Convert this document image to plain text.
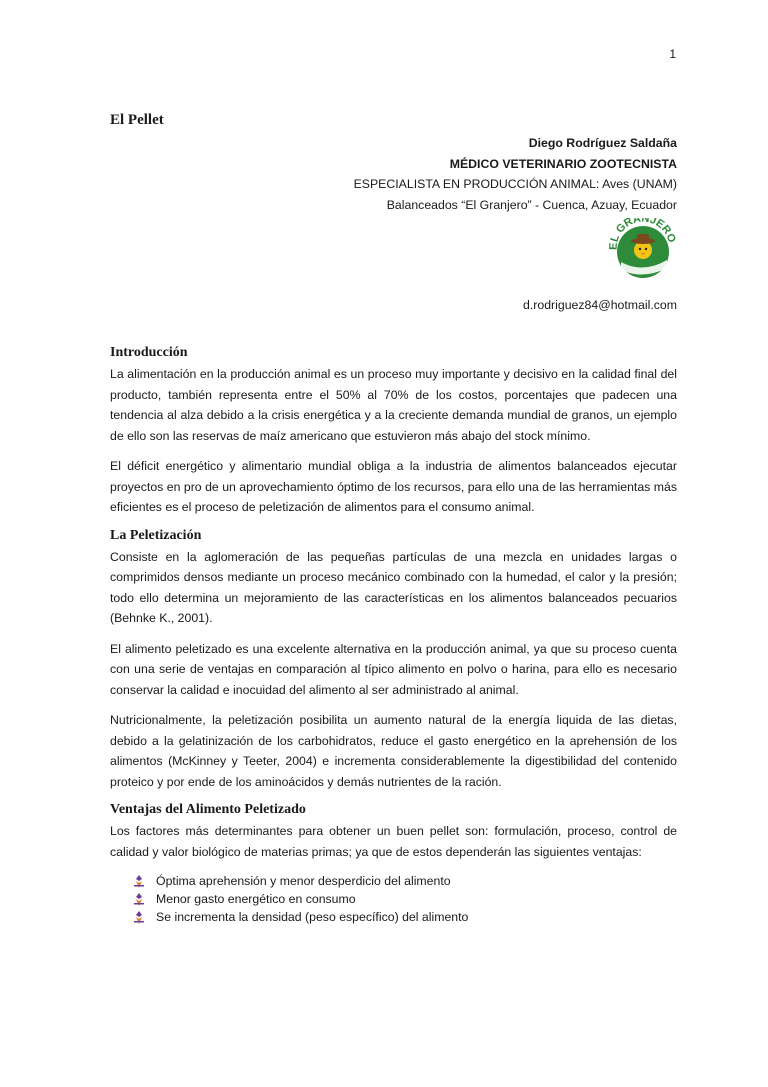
1
El Pellet
Diego Rodríguez Saldaña
MÉDICO VETERINARIO ZOOTECNISTA
ESPECIALISTA EN PRODUCCIÓN ANIMAL: Aves (UNAM)
Balanceados “El Granjero” - Cuenca, Azuay, Ecuador
EL GRANJERO
d.rodriguez84@hotmail.com
Introducción

La alimentación en la producción animal es un proceso muy importante y decisivo en la calidad final del producto, también representa entre el 50% al 70% de los costos, porcentajes que padecen una tendencia al alza debido a la crisis energética y a la creciente demanda mundial de granos, un ejemplo de ello son las reservas de maíz americano que estuvieron más abajo del stock mínimo.

El déficit energético y alimentario mundial obliga a la industria de alimentos balanceados ejecutar proyectos en pro de un aprovechamiento óptimo de los recursos, para ello una de las herramientas más eficientes es el proceso de peletización de alimentos para el consumo animal.

La Peletización

Consiste en la aglomeración de las pequeñas partículas de una mezcla en unidades largas o comprimidos densos mediante un proceso mecánico combinado con la humedad, el calor y la presión; todo ello determina un mejoramiento de las características en los alimentos balanceados pecuarios (Behnke K., 2001).

El alimento peletizado es una excelente alternativa en la producción animal, ya que su proceso cuenta con una serie de ventajas en comparación al típico alimento en polvo o harina, para ello es necesario conservar la calidad e inocuidad del alimento al ser administrado al animal.

Nutricionalmente, la peletización posibilita un aumento natural de la energía liquida de las dietas, debido a la gelatinización de los carbohidratos, reduce el gasto energético en la aprehensión de los alimentos (McKinney y Teeter, 2004) e incrementa considerablemente la digestibilidad del contenido proteico y por ende de los aminoácidos y demás nutrientes de la ración.

Ventajas del Alimento Peletizado

Los factores más determinantes para obtener un buen pellet son: formulación, proceso, control de calidad y valor biológico de materias primas; ya que de estos dependerán las siguientes ventajas:

Óptima aprehensión y menor desperdicio del alimento
Menor gasto energético en consumo
Se incrementa la densidad (peso específico) del alimento
